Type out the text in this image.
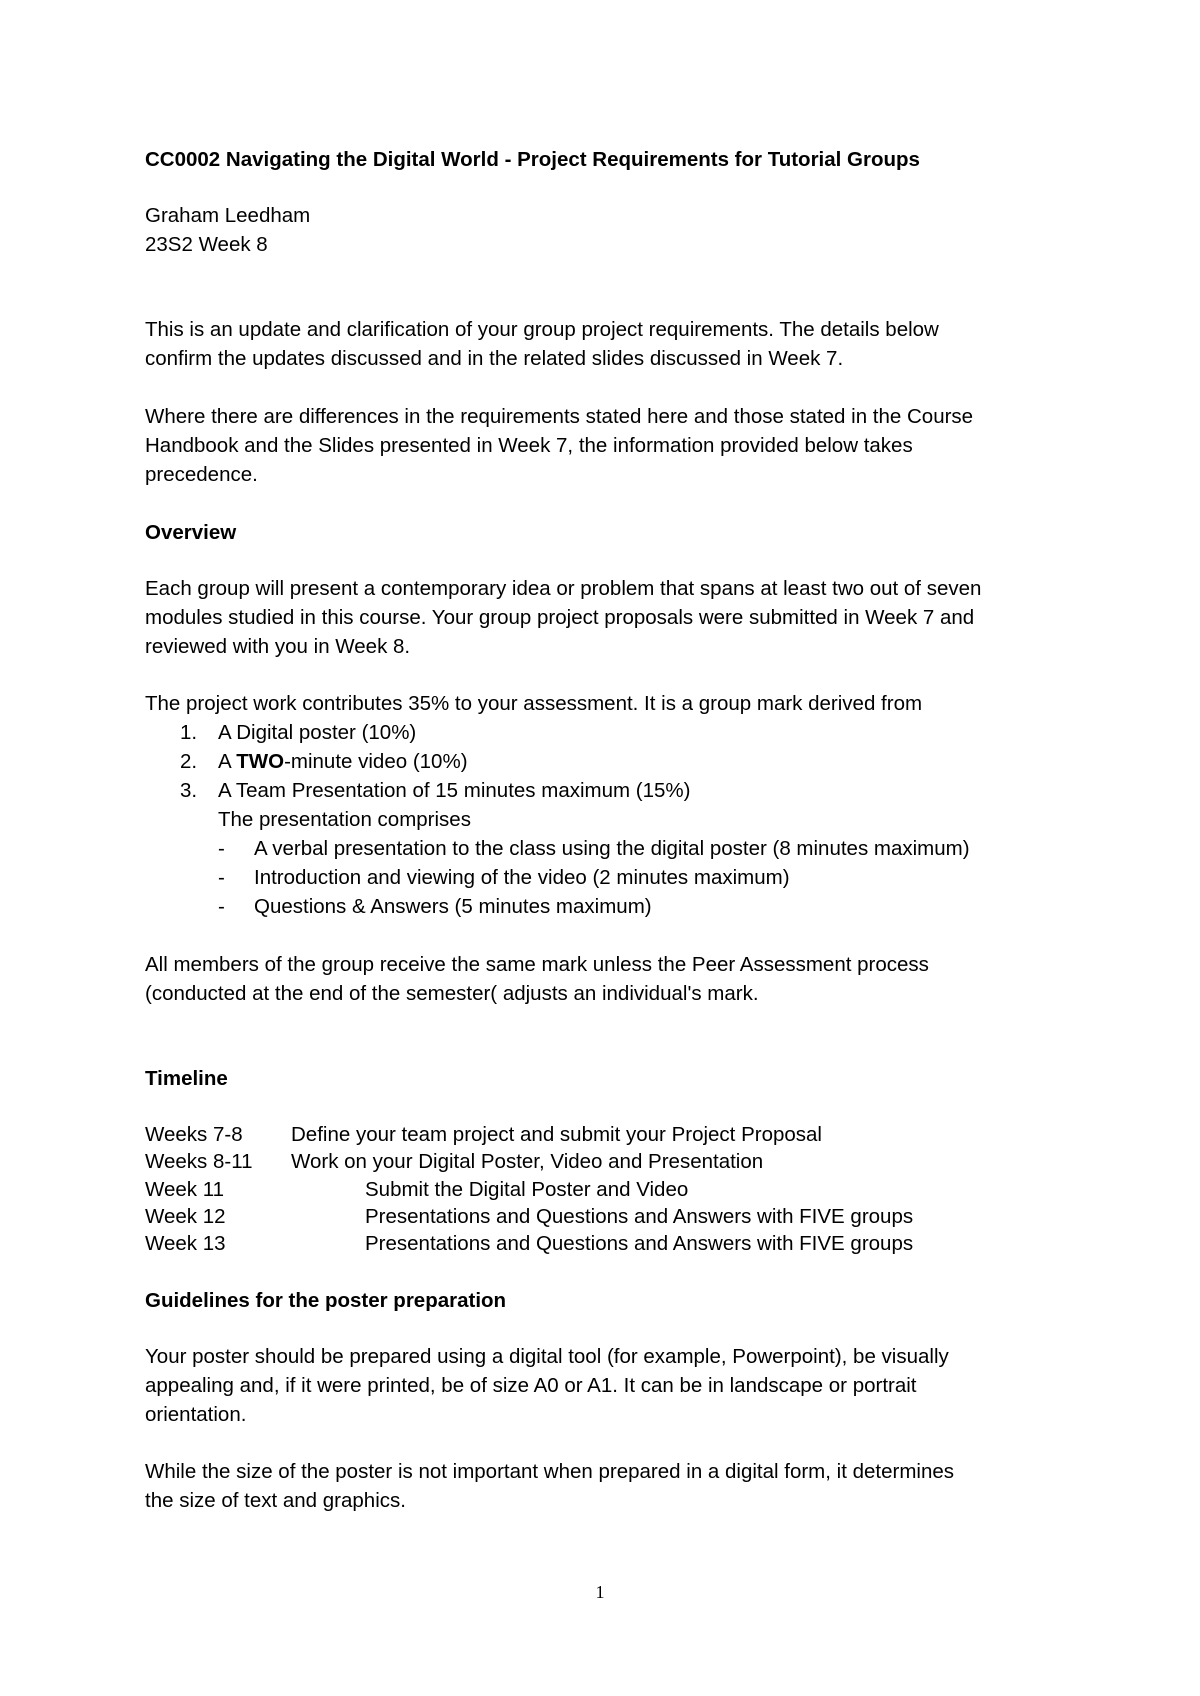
CC0002 Navigating the Digital World - Project Requirements for Tutorial Groups
Graham Leedham
23S2 Week 8
This is an update and clarification of your group project requirements. The details below
confirm the updates discussed and in the related slides discussed in Week 7.
Where there are differences in the requirements stated here and those stated in the Course
Handbook and the Slides presented in Week 7, the information provided below takes
precedence.
Overview
Each group will present a contemporary idea or problem that spans at least two out of seven
modules studied in this course. Your group project proposals were submitted in Week 7 and
reviewed with you in Week 8.
The project work contributes 35% to your assessment. It is a group mark derived from
1. A Digital poster (10%)
2. A TWO-minute video (10%)
3. A Team Presentation of 15 minutes maximum (15%)
The presentation comprises
- A verbal presentation to the class using the digital poster (8 minutes maximum)
- Introduction and viewing of the video (2 minutes maximum)
- Questions & Answers (5 minutes maximum)
All members of the group receive the same mark unless the Peer Assessment process
(conducted at the end of the semester( adjusts an individual's mark.
Timeline
Weeks 7-8 Define your team project and submit your Project Proposal
Weeks 8-11 Work on your Digital Poster, Video and Presentation
Week 11	Submit the Digital Poster and Video
Week 12	Presentations and Questions and Answers with FIVE groups
Week 13	Presentations and Questions and Answers with FIVE groups
Guidelines for the poster preparation
Your poster should be prepared using a digital tool (for example, Powerpoint), be visually
appealing and, if it were printed, be of size A0 or A1. It can be in landscape or portrait
orientation.
While the size of the poster is not important when prepared in a digital form, it determines
the size of text and graphics.
1
